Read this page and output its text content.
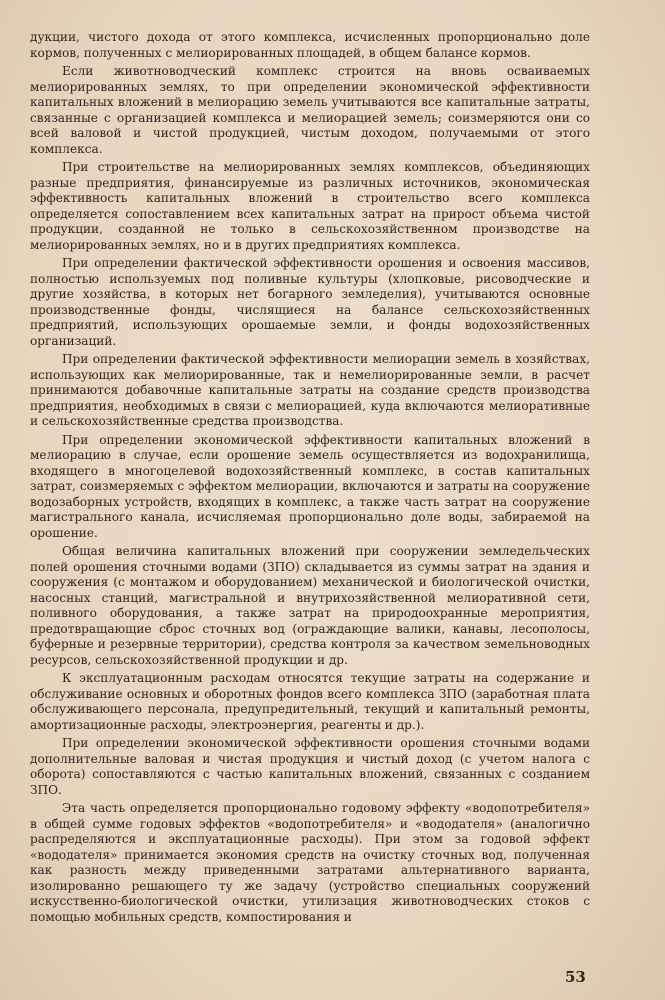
дукции, чистого дохода от этого комплекса, исчисленных пропорционально доле кормов, полученных с мелиорированных площадей, в общем балансе кормов.

Если животноводческий комплекс строится на вновь осваиваемых мелиорированных землях, то при определении экономической эффективности капитальных вложений в мелиорацию земель учитываются все капитальные затраты, связанные с организацией комплекса и мелиорацией земель; соизмеряются они со всей валовой и чистой продукцией, чистым доходом, получаемыми от этого комплекса.

При строительстве на мелиорированных землях комплексов, объединяющих разные предприятия, финансируемые из различных источников, экономическая эффективность капитальных вложений в строительство всего комплекса определяется сопоставлением всех капитальных затрат на прирост объема чистой продукции, созданной не только в сельскохозяйственном производстве на мелиорированных землях, но и в других предприятиях комплекса.

При определении фактической эффективности орошения и освоения массивов, полностью используемых под поливные культуры (хлопковые, рисоводческие и другие хозяйства, в которых нет богарного земледелия), учитываются основные производственные фонды, числящиеся на балансе сельскохозяйственных предприятий, использующих орошаемые земли, и фонды водохозяйственных организаций.

При определении фактической эффективности мелиорации земель в хозяйствах, использующих как мелиорированные, так и немелиорированные земли, в расчет принимаются добавочные капитальные затраты на создание средств производства предприятия, необходимых в связи с мелиорацией, куда включаются мелиоративные и сельскохозяйственные средства производства.

При определении экономической эффективности капитальных вложений в мелиорацию в случае, если орошение земель осуществляется из водохранилища, входящего в многоцелевой водохозяйственный комплекс, в состав капитальных затрат, соизмеряемых с эффектом мелиорации, включаются и затраты на сооружение водозаборных устройств, входящих в комплекс, а также часть затрат на сооружение магистрального канала, исчисляемая пропорционально доле воды, забираемой на орошение.

Общая величина капитальных вложений при сооружении земледельческих полей орошения сточными водами (ЗПО) складывается из суммы затрат на здания и сооружения (с монтажом и оборудованием) механической и биологической очистки, насосных станций, магистральной и внутрихозяйственной мелиоративной сети, поливного оборудования, а также затрат на природоохранные мероприятия, предотвращающие сброс сточных вод (ограждающие валики, канавы, лесополосы, буферные и резервные территории), средства контроля за качеством земельноводных ресурсов, сельскохозяйственной продукции и др.

К эксплуатационным расходам относятся текущие затраты на содержание и обслуживание основных и оборотных фондов всего комплекса ЗПО (заработная плата обслуживающего персонала, предупредительный, текущий и капитальный ремонты, амортизационные расходы, электроэнергия, реагенты и др.).

При определении экономической эффективности орошения сточными водами дополнительные валовая и чистая продукция и чистый доход (с учетом налога с оборота) сопоставляются с частью капитальных вложений, связанных с созданием ЗПО.

Эта часть определяется пропорционально годовому эффекту «водопотребителя» в общей сумме годовых эффектов «водопотребителя» и «вододателя» (аналогично распределяются и эксплуатационные расходы). При этом за годовой эффект «вододателя» принимается экономия средств на очистку сточных вод, полученная как разность между приведенными затратами альтернативного варианта, изолированно решающего ту же задачу (устройство специальных сооружений искусственно-биологической очистки, утилизация животноводческих стоков с помощью мобильных средств, компостирования и

53
